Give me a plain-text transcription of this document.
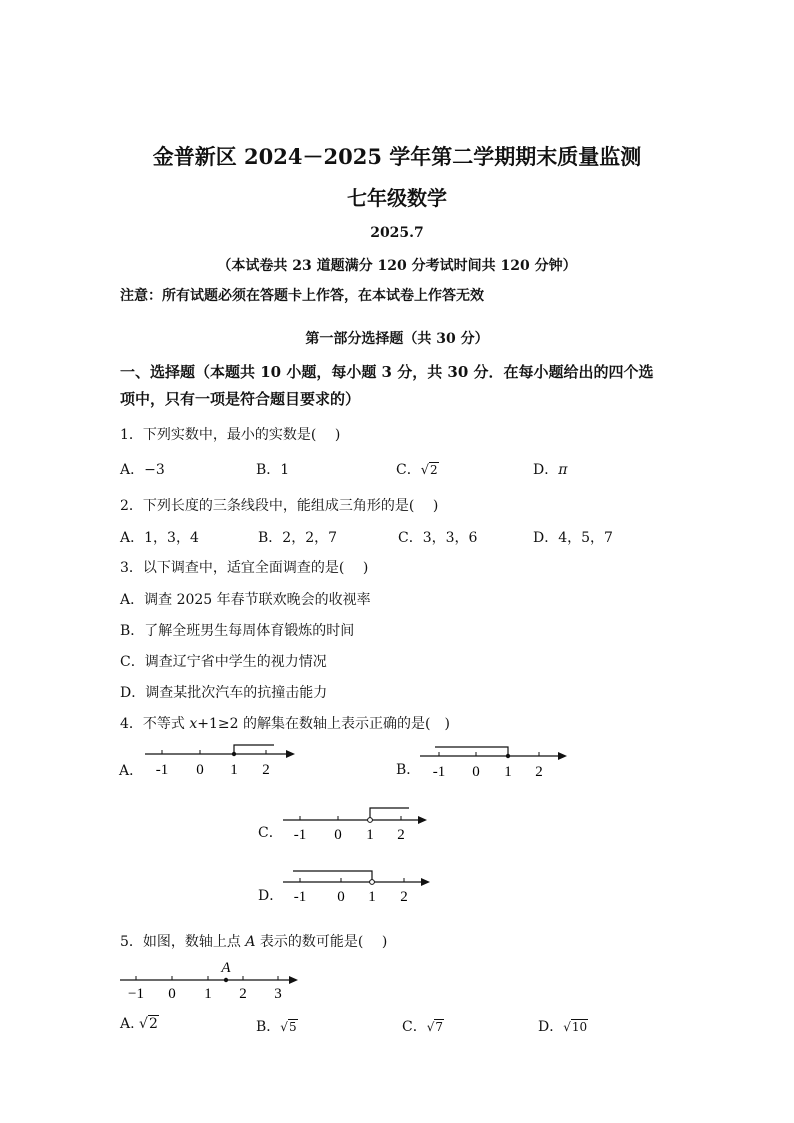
金普新区 2024－2025 学年第二学期期末质量监测
七年级数学
2025.7
（本试卷共 23 道题满分 120 分考试时间共 120 分钟）
注意：所有试题必须在答题卡上作答，在本试卷上作答无效
第一部分选择题（共 30 分）
一、选择题（本题共 10 小题，每小题 3 分，共 30 分．在每小题给出的四个选
项中，只有一项是符合题目要求的）
1．下列实数中，最小的实数是(　 )
A．−3	B．1	C．√2	D．π
2．下列长度的三条线段中，能组成三角形的是(　 )
A．1，3，4	B．2，2，7	C．3，3，6	D．4，5，7
3．以下调查中，适宜全面调查的是(　 )
A．调查 2025 年春节联欢晚会的收视率
B．了解全班男生每周体育锻炼的时间
C．调查辽宁省中学生的视力情况
D．调查某批次汽车的抗撞击能力
4．不等式 x+1≥2 的解集在数轴上表示正确的是(　)
A． -1 0 1 2	B． -1 0 1 2
C． -1 0 1 2
D． -1 0 1 2
5．如图，数轴上点 A 表示的数可能是(　 )
A
−1 0 1 2 3
A. √2	B．√5	C．√7	D．√10
